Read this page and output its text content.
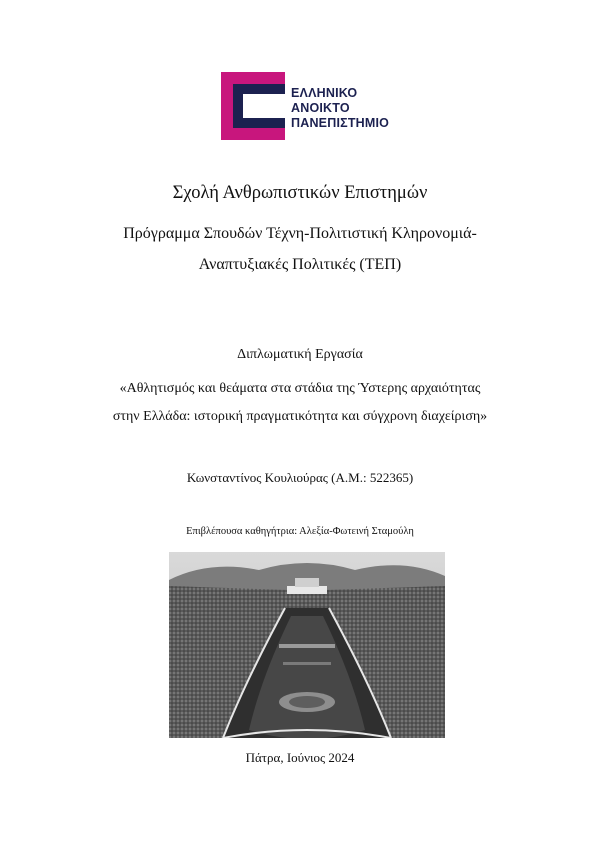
ΕΛΛΗΝΙΚΟ
ΑΝΟΙΚΤΟ
ΠΑΝΕΠΙΣΤΗΜΙΟ
Σχολή Ανθρωπιστικών Επιστημών
Πρόγραμμα Σπουδών Τέχνη-Πολιτιστική Κληρονομιά-
Αναπτυξιακές Πολιτικές (ΤΕΠ)
Διπλωματική Εργασία
«Αθλητισμός και θεάματα στα στάδια της Ύστερης αρχαιότητας
στην Ελλάδα: ιστορική πραγματικότητα και σύγχρονη διαχείριση»
Κωνσταντίνος Κουλιούρας (Α.Μ.: 522365)
Επιβλέπουσα καθηγήτρια: Αλεξία-Φωτεινή Σταμούλη
Πάτρα, Ιούνιος 2024
